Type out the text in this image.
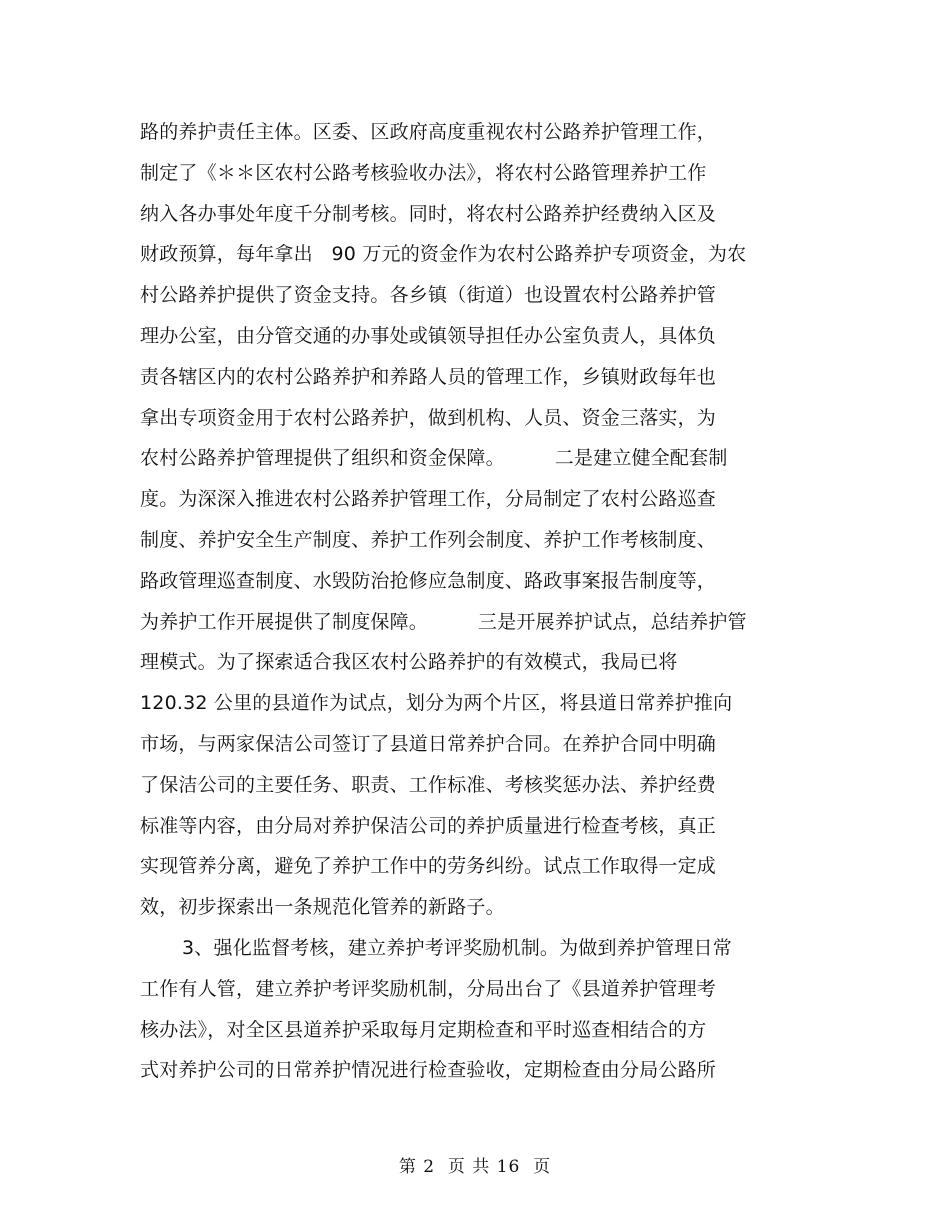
路的养护责任主体。区委、区政府高度重视农村公路养护管理工作，
制定了《＊＊区农村公路考核验收办法》，将农村公路管理养护工作
纳入各办事处年度千分制考核。同时，将农村公路养护经费纳入区及
财政预算，每年拿出   90 万元的资金作为农村公路养护专项资金，为农
村公路养护提供了资金支持。各乡镇（街道）也设置农村公路养护管
理办公室，由分管交通的办事处或镇领导担任办公室负责人，具体负
责各辖区内的农村公路养护和养路人员的管理工作，乡镇财政每年也
拿出专项资金用于农村公路养护，做到机构、人员、资金三落实，为
农村公路养护管理提供了组织和资金保障。        二是建立健全配套制
度。为深深入推进农村公路养护管理工作，分局制定了农村公路巡查
制度、养护安全生产制度、养护工作列会制度、养护工作考核制度、
路政管理巡查制度、水毁防治抢修应急制度、路政事案报告制度等，
为养护工作开展提供了制度保障。        三是开展养护试点，总结养护管
理模式。为了探索适合我区农村公路养护的有效模式，我局已将
120.32 公里的县道作为试点，划分为两个片区，将县道日常养护推向
市场，与两家保洁公司签订了县道日常养护合同。在养护合同中明确
了保洁公司的主要任务、职责、工作标准、考核奖惩办法、养护经费
标准等内容，由分局对养护保洁公司的养护质量进行检查考核，真正
实现管养分离，避免了养护工作中的劳务纠纷。试点工作取得一定成
效，初步探索出一条规范化管养的新路子。
3、强化监督考核，建立养护考评奖励机制。为做到养护管理日常
工作有人管，建立养护考评奖励机制，分局出台了《县道养护管理考
核办法》，对全区县道养护采取每月定期检查和平时巡查相结合的方
式对养护公司的日常养护情况进行检查验收，定期检查由分局公路所
第 2  页 共 16  页
